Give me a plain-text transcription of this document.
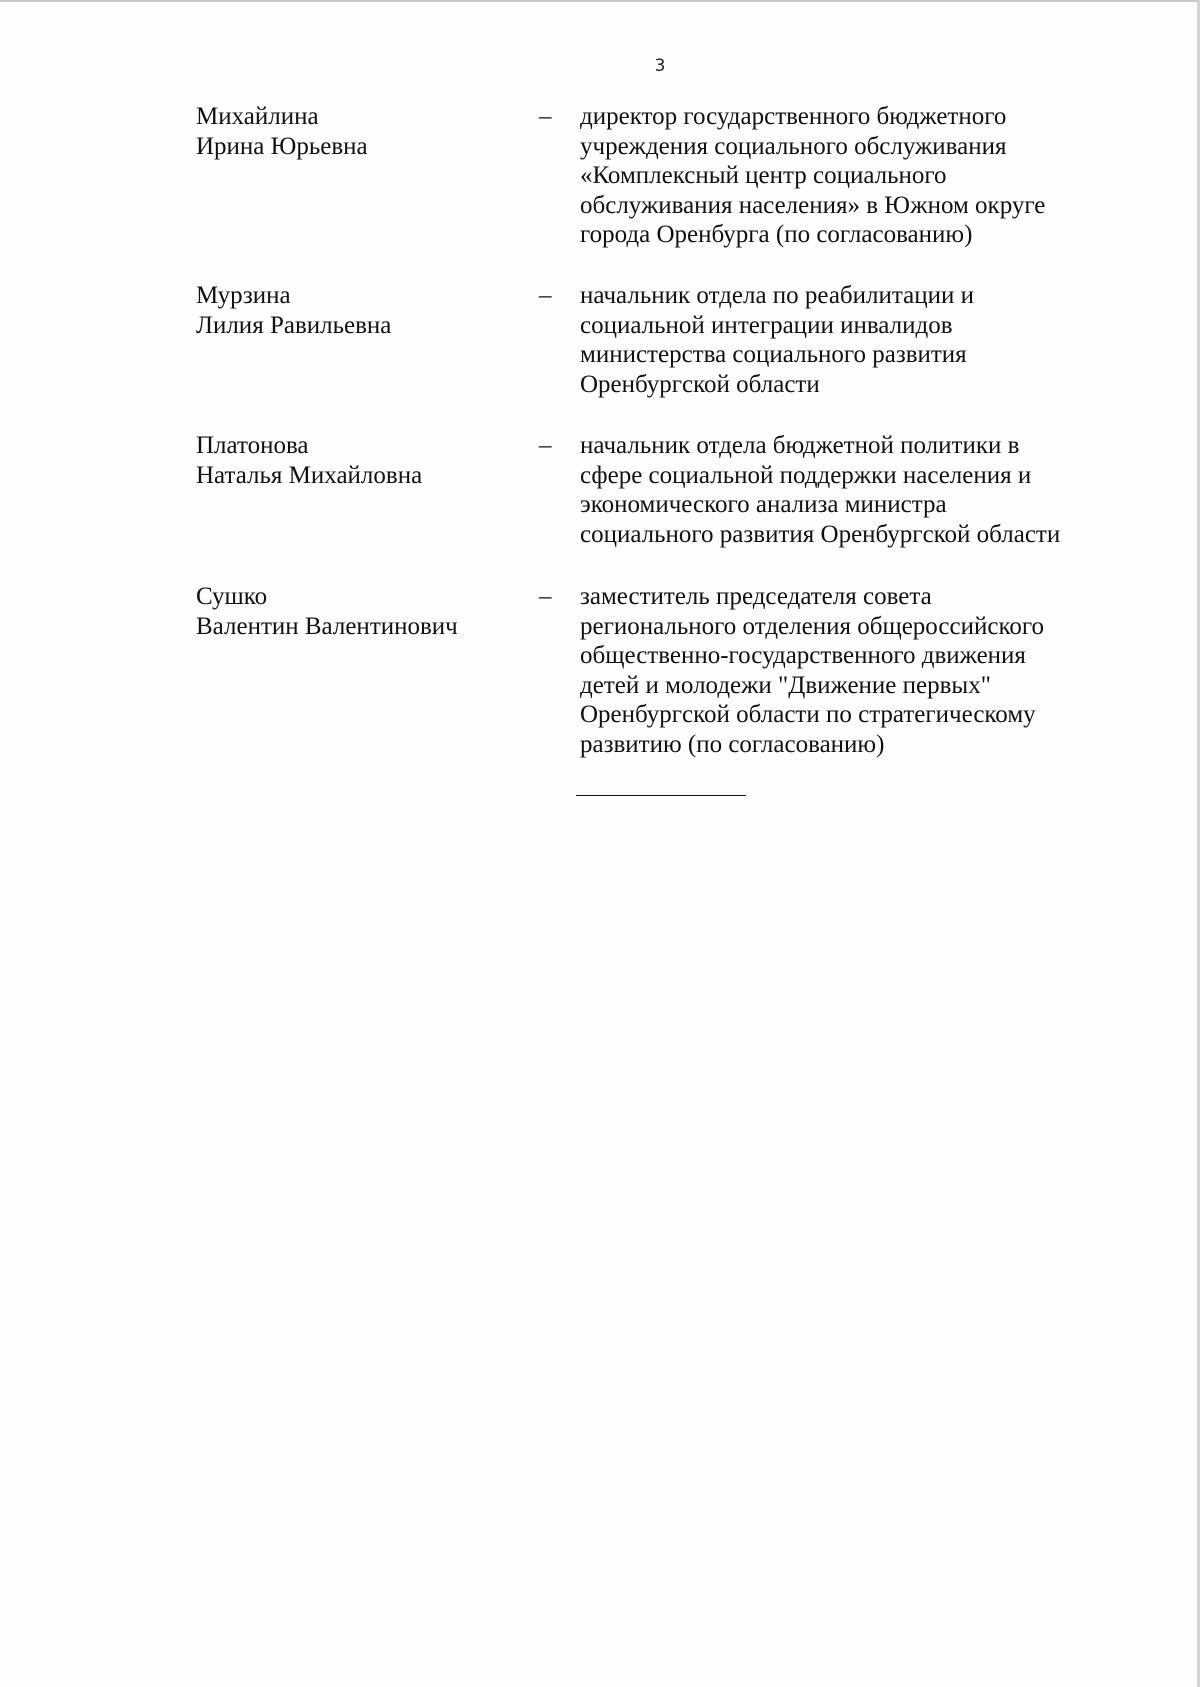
3
Михайлина
Ирина Юрьевна
– директор государственного бюджетного
учреждения социального обслуживания
«Комплексный центр социального
обслуживания населения» в Южном округе
города Оренбурга (по согласованию)
Мурзина
Лилия Равильевна
– начальник отдела по реабилитации и
социальной интеграции инвалидов
министерства социального развития
Оренбургской области
Платонова
Наталья Михайловна
– начальник отдела бюджетной политики в
сфере социальной поддержки населения и
экономического анализа министра
социального развития Оренбургской области
Сушко
Валентин Валентинович
– заместитель председателя совета
регионального отделения общероссийского
общественно-государственного движения
детей и молодежи "Движение первых"
Оренбургской области по стратегическому
развитию (по согласованию)
